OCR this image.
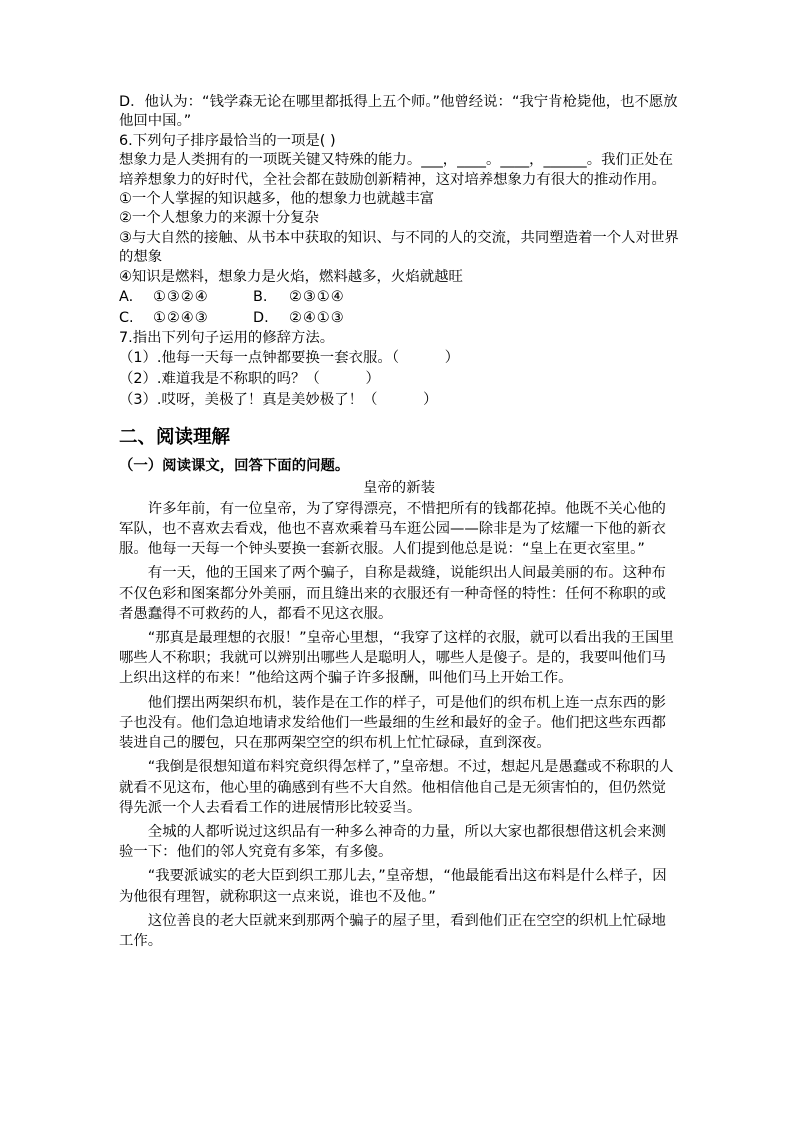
D．他认为：“钱学森无论在哪里都抵得上五个师。”他曾经说：“我宁肯枪毙他，也不愿放他回中国。”

6.下列句子排序最恰当的一项是( )

想象力是人类拥有的一项既关键又特殊的能力。___，____。____，______。我们正处在培养想象力的好时代，全社会都在鼓励创新精神，这对培养想象力有很大的推动作用。

①一个人掌握的知识越多，他的想象力也就越丰富

②一个人想象力的来源十分复杂

③与大自然的接触、从书本中获取的知识、与不同的人的交流，共同塑造着一个人对世界的想象

④知识是燃料，想象力是火焰，燃料越多，火焰就越旺

A. ①③②④	B. ②③①④
C. ①②④③	D. ②④①③

7.指出下列句子运用的修辞方法。

（1）.他每一天每一点钟都要换一套衣服。（          ）

（2）.难道我是不称职的吗？（          ）

（3）.哎呀，美极了！真是美妙极了！（          ）

二、阅读理解

（一）阅读课文，回答下面的问题。

皇帝的新装

许多年前，有一位皇帝，为了穿得漂亮，不惜把所有的钱都花掉。他既不关心他的军队，也不喜欢去看戏，他也不喜欢乘着马车逛公园——除非是为了炫耀一下他的新衣服。他每一天每一个钟头要换一套新衣服。人们提到他总是说：“皇上在更衣室里。”

有一天，他的王国来了两个骗子，自称是裁缝，说能织出人间最美丽的布。这种布不仅色彩和图案都分外美丽，而且缝出来的衣服还有一种奇怪的特性：任何不称职的或者愚蠢得不可救药的人，都看不见这衣服。

“那真是最理想的衣服！”皇帝心里想，“我穿了这样的衣服，就可以看出我的王国里哪些人不称职；我就可以辨别出哪些人是聪明人，哪些人是傻子。是的，我要叫他们马上织出这样的布来！”他给这两个骗子许多报酬，叫他们马上开始工作。

他们摆出两架织布机，装作是在工作的样子，可是他们的织布机上连一点东西的影子也没有。他们急迫地请求发给他们一些最细的生丝和最好的金子。他们把这些东西都装进自己的腰包，只在那两架空空的织布机上忙忙碌碌，直到深夜。

“我倒是很想知道布料究竟织得怎样了，”皇帝想。不过，想起凡是愚蠢或不称职的人就看不见这布，他心里的确感到有些不大自然。他相信他自己是无须害怕的，但仍然觉得先派一个人去看看工作的进展情形比较妥当。

全城的人都听说过这织品有一种多么神奇的力量，所以大家也都很想借这机会来测验一下：他们的邻人究竟有多笨，有多傻。

“我要派诚实的老大臣到织工那儿去，”皇帝想，“他最能看出这布料是什么样子，因为他很有理智，就称职这一点来说，谁也不及他。”

这位善良的老大臣就来到那两个骗子的屋子里，看到他们正在空空的织机上忙碌地工作。
